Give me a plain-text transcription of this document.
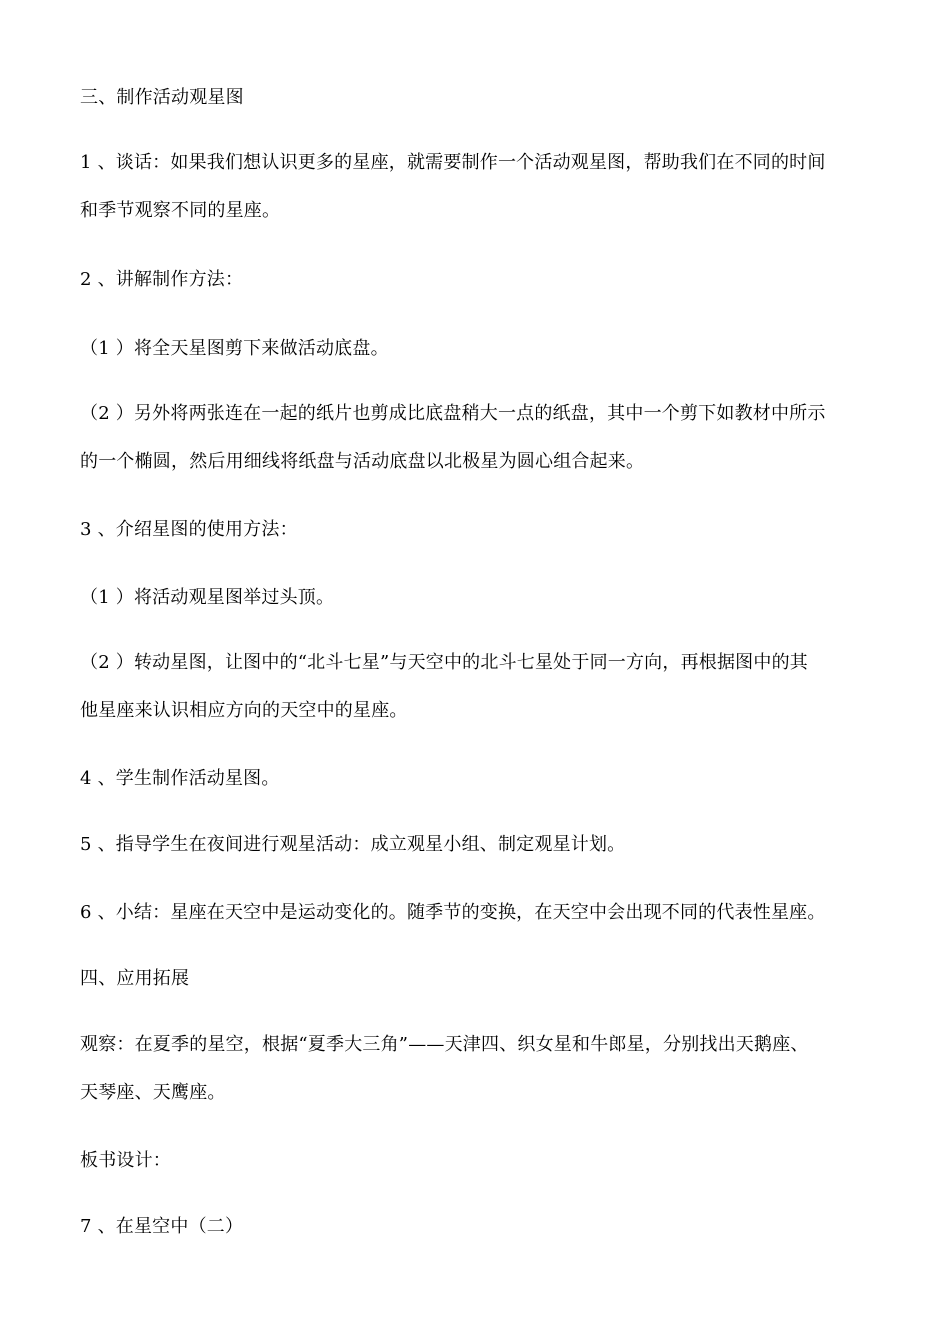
三、制作活动观星图
1 、谈话：如果我们想认识更多的星座，就需要制作一个活动观星图，帮助我们在不同的时间
和季节观察不同的星座。
2 、讲解制作方法：
（1 ）将全天星图剪下来做活动底盘。
（2 ）另外将两张连在一起的纸片也剪成比底盘稍大一点的纸盘，其中一个剪下如教材中所示
的一个椭圆，然后用细线将纸盘与活动底盘以北极星为圆心组合起来。
3 、介绍星图的使用方法：
（1 ）将活动观星图举过头顶。
（2 ）转动星图，让图中的“北斗七星”与天空中的北斗七星处于同一方向，再根据图中的其
他星座来认识相应方向的天空中的星座。
4 、学生制作活动星图。
5 、指导学生在夜间进行观星活动：成立观星小组、制定观星计划。
6 、小结：星座在天空中是运动变化的。随季节的变换，在天空中会出现不同的代表性星座。
四、应用拓展
观察：在夏季的星空，根据“夏季大三角”——天津四、织女星和牛郎星，分别找出天鹅座、
天琴座、天鹰座。
板书设计：
7 、在星空中（二）
